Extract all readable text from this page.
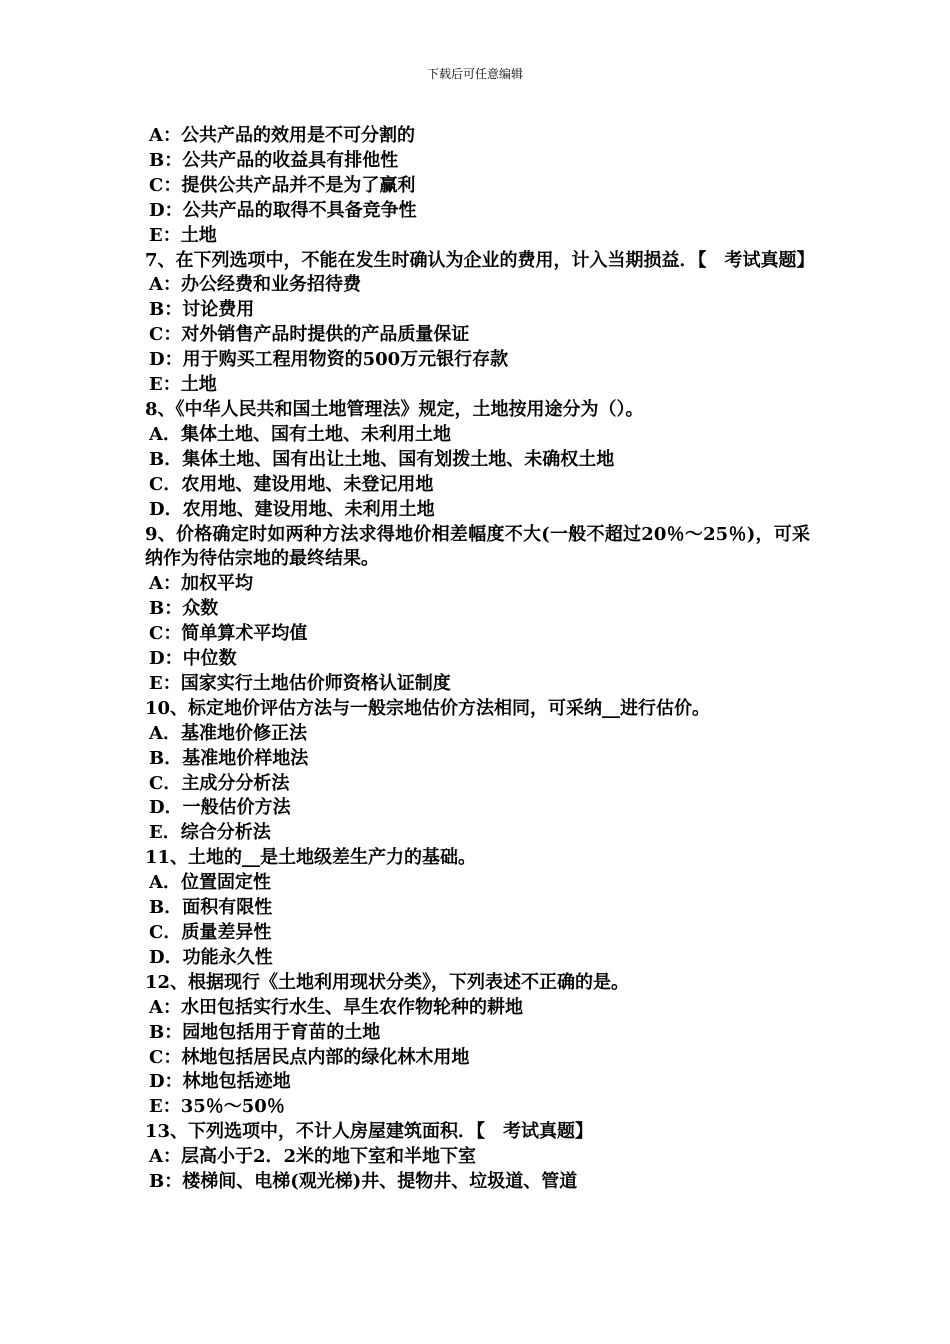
下载后可任意编辑
A：公共产品的效用是不可分割的
B：公共产品的收益具有排他性
C：提供公共产品并不是为了赢利
D：公共产品的取得不具备竞争性
E：土地
7、在下列选项中，不能在发生时确认为企业的费用，计入当期损益．【　考试真题】
A：办公经费和业务招待费
B：讨论费用
C：对外销售产品时提供的产品质量保证
D：用于购买工程用物资的500万元银行存款
E：土地
8、《中华人民共和国土地管理法》规定，土地按用途分为（）。
A．集体土地、国有土地、未利用土地
B．集体土地、国有出让土地、国有划拨土地、未确权土地
C．农用地、建设用地、未登记用地
D．农用地、建设用地、未利用土地
9、价格确定时如两种方法求得地价相差幅度不大(一般不超过20％～25％)，可采纳作为待估宗地的最终结果。
A：加权平均
B：众数
C：简单算术平均值
D：中位数
E：国家实行土地估价师资格认证制度
10、标定地价评估方法与一般宗地估价方法相同，可采纳__进行估价。
A．基准地价修正法
B．基准地价样地法
C．主成分分析法
D．一般估价方法
E．综合分析法
11、土地的__是土地级差生产力的基础。
A．位置固定性
B．面积有限性
C．质量差异性
D．功能永久性
12、根据现行《土地利用现状分类》，下列表述不正确的是。
A：水田包括实行水生、旱生农作物轮种的耕地
B：园地包括用于育苗的土地
C：林地包括居民点内部的绿化林木用地
D：林地包括迹地
E：35％～50％
13、下列选项中，不计人房屋建筑面积．【　考试真题】
A：层高小于2．2米的地下室和半地下室
B：楼梯间、电梯(观光梯)井、提物井、垃圾道、管道
